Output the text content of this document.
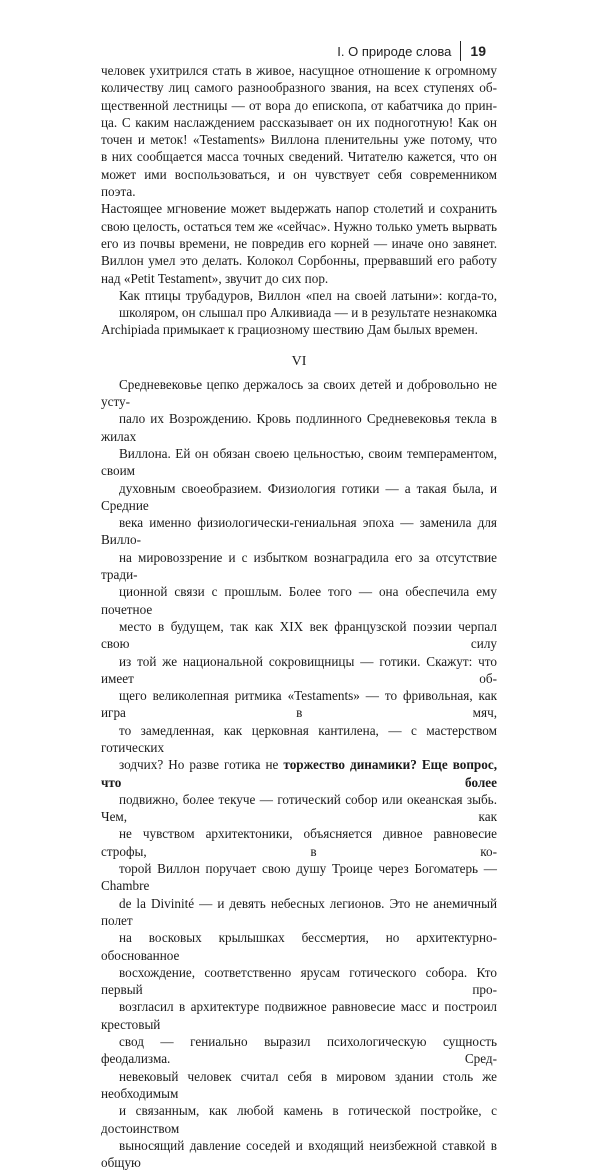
I. О природе слова	19

человек ухитрился стать в живое, насущное отношение к огромному
количеству лиц самого разнообразного звания, на всех ступенях об-
щественной лестницы — от вора до епископа, от кабатчика до прин-
ца. С каким наслаждением рассказывает он их подноготную! Как он
точен и меток! «Testaments» Виллона пленительны уже потому, что
в них сообщается масса точных сведений. Читателю кажется, что он
может ими воспользоваться, и он чувствует себя современником поэта.
Настоящее мгновение может выдержать напор столетий и сохранить
свою целость, остаться тем же «сейчас». Нужно только уметь вырвать
его из почвы времени, не повредив его корней — иначе оно завянет.
Виллон умел это делать. Колокол Сорбонны, прервавший его работу

над «Petit Testament», звучит до сих пор.

Как птицы трубадуров, Виллон «пел на своей латыни»: когда-то,
школяром, он слышал про Алкивиада — и в результате незнакомка

Archipiada примыкает к грациозному шествию Дам былых времен.

VI

Средневековье цепко держалось за своих детей и добровольно не усту-
пало их Возрождению. Кровь подлинного Средневековья текла в жилах
Виллона. Ей он обязан своею цельностью, своим темпераментом, своим
духовным своеобразием. Физиология готики — а такая была, и Средние
века именно физиологически-гениальная эпоха — заменила для Вилло-
на мировоззрение и с избытком вознаградила его за отсутствие тради-
ционной связи с прошлым. Более того — она обеспечила ему почетное
место в будущем, так как XIX век французской поэзии черпал свою силу
из той же национальной сокровищницы — готики. Скажут: что имеет об-
щего великолепная ритмика «Testaments» — то фривольная, как игра в мяч,
то замедленная, как церковная кантилена, — с мастерством готических
зодчих? Но разве готика не торжество динамики? Еще вопрос, что более
подвижно, более текуче — готический собор или океанская зыбь. Чем, как
не чувством архитектоники, объясняется дивное равновесие строфы, в ко-
торой Виллон поручает свою душу Троице через Богоматерь — Chambre
de la Divinité — и девять небесных легионов. Это не анемичный полет
на восковых крылышках бессмертия, но архитектурно-обоснованное
восхождение, соответственно ярусам готического собора. Кто первый про-
возгласил в архитектуре подвижное равновесие масс и построил крестовый
свод — гениально выразил психологическую сущность феодализма. Сред-
невековый человек считал себя в мировом здании столь же необходимым
и связанным, как любой камень в готической постройке, с достоинством
выносящий давление соседей и входящий неизбежной ставкой в общую
